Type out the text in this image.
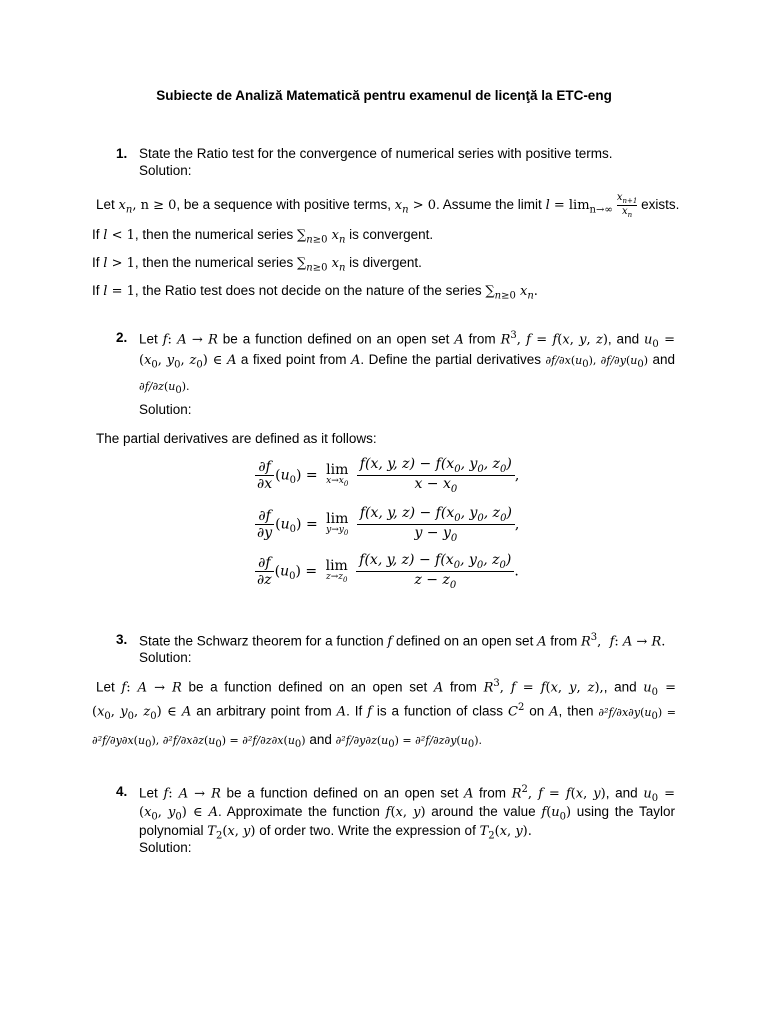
Subiecte de Analiză Matematică pentru examenul de licenţă la ETC-eng
1. State the Ratio test for the convergence of numerical series with positive terms.
Solution:
Let $x_n$, n ≥ 0, be a sequence with positive terms, $x_n > 0$. Assume the limit $l = \lim_{n\to\infty} \frac{x_{n+1}}{x_n}$ exists.
If l < 1, then the numerical series $\sum_{n\ge 0}$ $x_n$ is convergent.
If l > 1, then the numerical series $\sum_{n\ge 0}$ $x_n$ is divergent.
If l = 1, the Ratio test does not decide on the nature of the series $\sum_{n\ge 0}$ $x_n$.
2. Let f: A → R be a function defined on an open set A from $R^3$, f = f(x, y, z), and $u_0$ =
($x_0$, $y_0$, $z_0$) ∈ A a fixed point from A. Define the partial derivatives $\partial f/\partial x(u_0)$, $\partial f/\partial y(u_0)$ and
$\partial f/\partial z(u_0)$.
Solution:
The partial derivatives are defined as it follows:
$\frac{\partial f}{\partial x} (u_0) = \lim$
$x\to x_0$
$\frac{f(x, y, z) - f(x_0, y_0, z_0)}{x - x_0}$ ,
$\frac{\partial f}{\partial y} (u_0) = \lim$
$y\to y_0$
$\frac{f(x, y, z) - f(x_0, y_0, z_0)}{y - y_0}$ ,
$\frac{\partial f}{\partial z} (u_0) = \lim$
$z\to z_0$
$\frac{f(x, y, z) - f(x_0, y_0, z_0)}{z - z_0}$ .
3. State the Schwarz theorem for a function f defined on an open set A from $R^3$,  f: A → R.
Solution:
Let f: A → R be a function defined on an open set A from $R^3$, f = f(x, y, z),, and $u_0$ =
($x_0$, $y_0$, $z_0$) ∈ A an arbitrary point from A. If f is a function of class $C^2$ on A, then $\partial^2f/\partial x\partial y(u_0)$ =
$\partial^2f/\partial y\partial x(u_0)$, $\partial^2f/\partial x\partial z(u_0) = \partial^2f/\partial z\partial x(u_0)$ and $\partial^2f/\partial y\partial z(u_0) = \partial^2f/\partial z\partial y(u_0)$.
4. Let f: A → R be a function defined on an open set A from $R^2$, f = f(x, y), and $u_0$ =
($x_0$, $y_0$) ∈ A. Approximate the function f(x, y) around the value $f(u_0)$ using the Taylor
polynomial $T_2(x$, y) of order two. Write the expression of $T_2(x$, y).
Solution:
